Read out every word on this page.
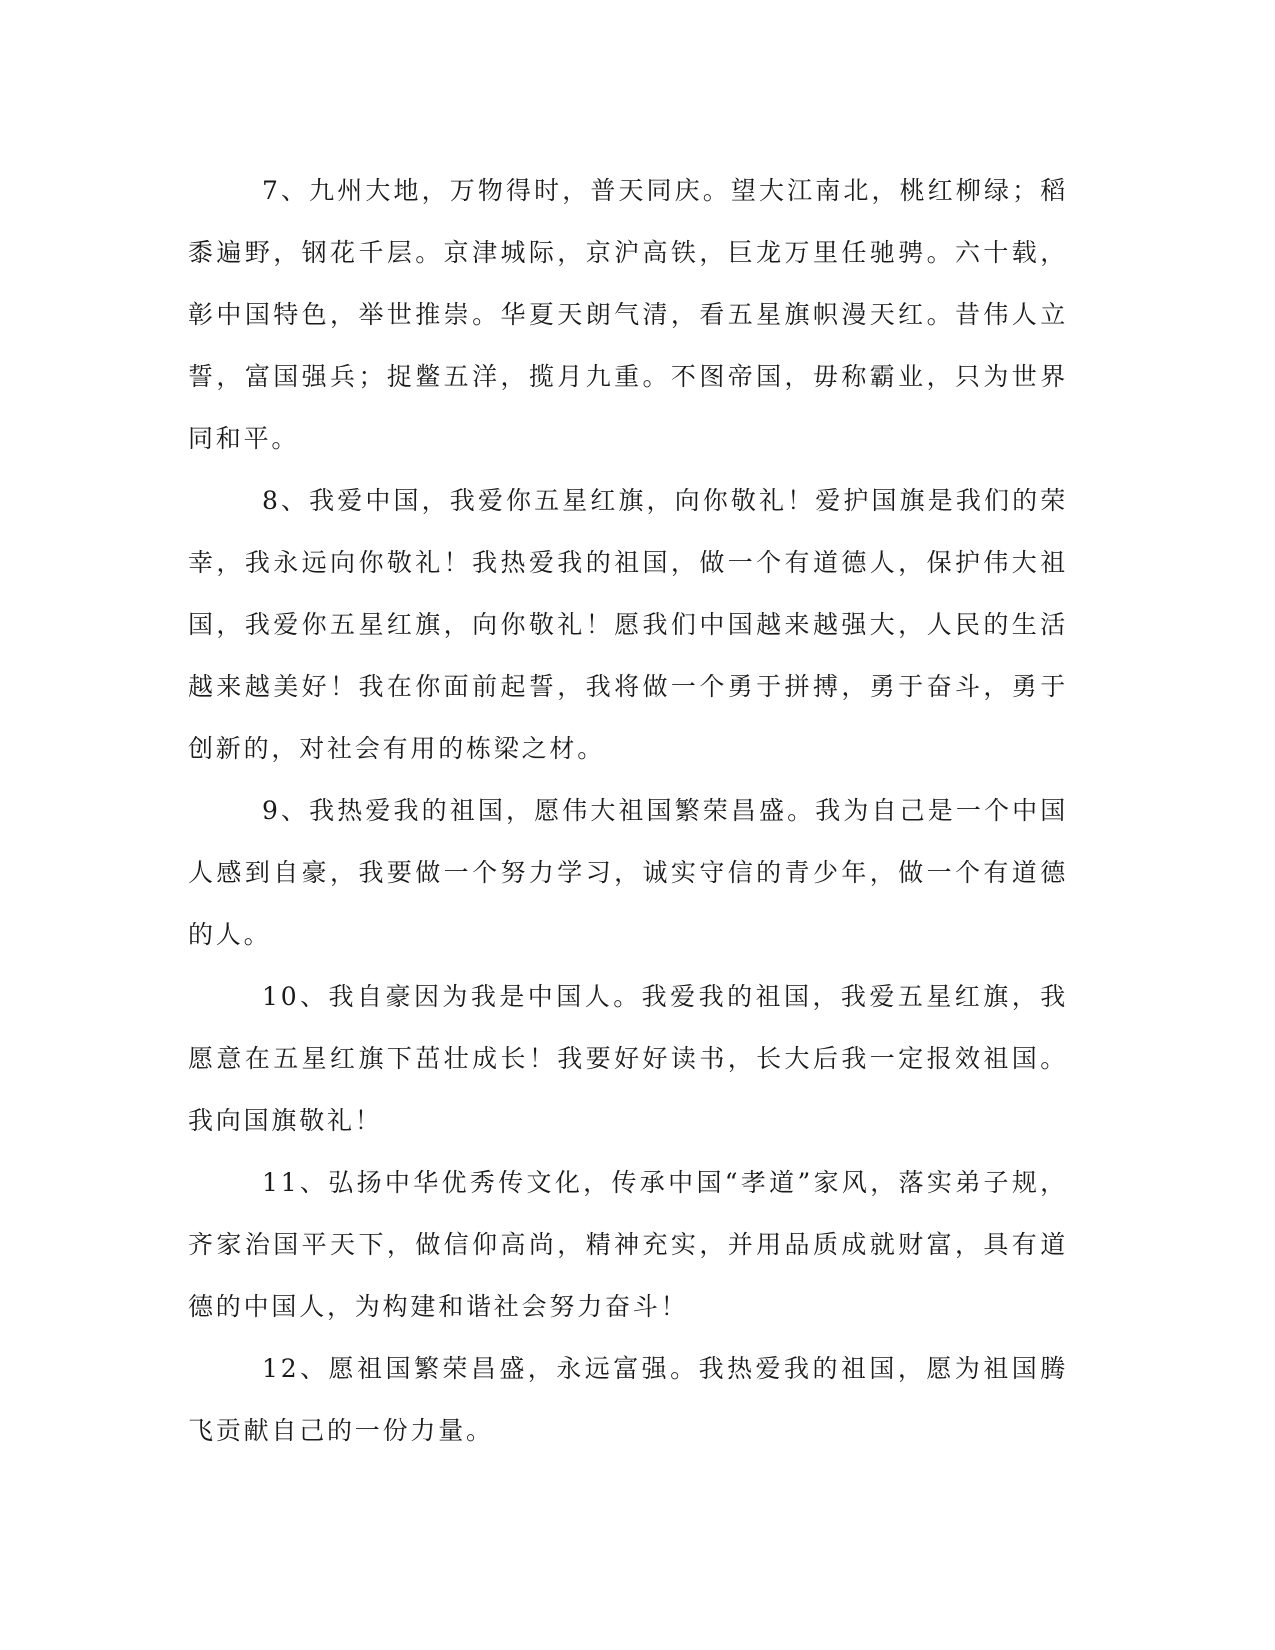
7、九州大地，万物得时，普天同庆。望大江南北，桃红柳绿；稻黍遍野，钢花千层。京津城际，京沪高铁，巨龙万里任驰骋。六十载，彰中国特色，举世推崇。华夏天朗气清，看五星旗帜漫天红。昔伟人立誓，富国强兵；捉鳖五洋，揽月九重。不图帝国，毋称霸业，只为世界同和平。

8、我爱中国，我爱你五星红旗，向你敬礼！爱护国旗是我们的荣幸，我永远向你敬礼！我热爱我的祖国，做一个有道德人，保护伟大祖国，我爱你五星红旗，向你敬礼！愿我们中国越来越强大，人民的生活越来越美好！我在你面前起誓，我将做一个勇于拼搏，勇于奋斗，勇于创新的，对社会有用的栋梁之材。

9、我热爱我的祖国，愿伟大祖国繁荣昌盛。我为自己是一个中国人感到自豪，我要做一个努力学习，诚实守信的青少年，做一个有道德的人。

10、我自豪因为我是中国人。我爱我的祖国，我爱五星红旗，我愿意在五星红旗下茁壮成长！我要好好读书，长大后我一定报效祖国。我向国旗敬礼！

11、弘扬中华优秀传文化，传承中国“孝道”家风，落实弟子规，齐家治国平天下，做信仰高尚，精神充实，并用品质成就财富，具有道德的中国人，为构建和谐社会努力奋斗！

12、愿祖国繁荣昌盛，永远富强。我热爱我的祖国，愿为祖国腾飞贡献自己的一份力量。
